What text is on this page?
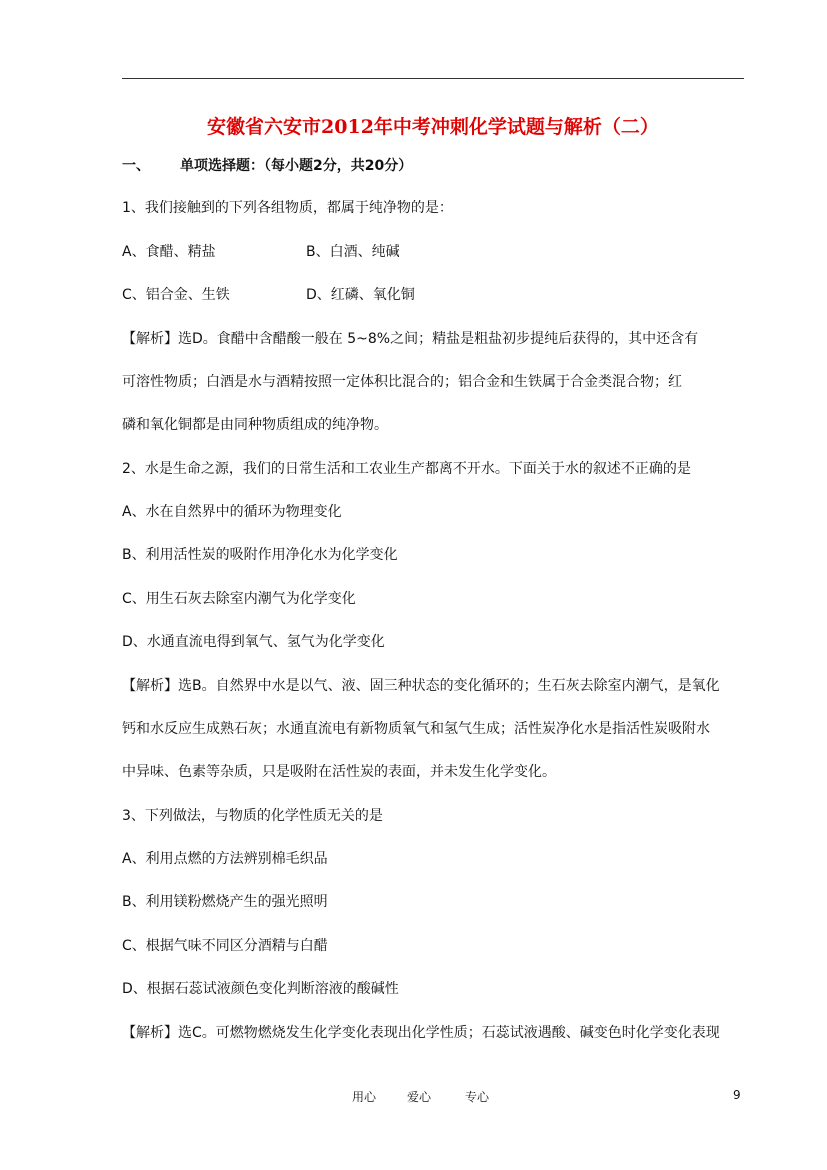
安徽省六安市2012年中考冲刺化学试题与解析（二）
一、 单项选择题：（每小题2分，共20分）
1、我们接触到的下列各组物质，都属于纯净物的是：
A、食醋、精盐	B、白酒、纯碱
C、铝合金、生铁	D、红磷、氧化铜
【解析】选D。食醋中含醋酸一般在 5~8%之间；精盐是粗盐初步提纯后获得的，其中还含有
可溶性物质；白酒是水与酒精按照一定体积比混合的；铝合金和生铁属于合金类混合物；红
磷和氧化铜都是由同种物质组成的纯净物。
2、水是生命之源，我们的日常生活和工农业生产都离不开水。下面关于水的叙述不正确的是
A、水在自然界中的循环为物理变化
B、利用活性炭的吸附作用净化水为化学变化
C、用生石灰去除室内潮气为化学变化
D、水通直流电得到氧气、氢气为化学变化
【解析】选B。自然界中水是以气、液、固三种状态的变化循环的；生石灰去除室内潮气，是氧化
钙和水反应生成熟石灰；水通直流电有新物质氧气和氢气生成；活性炭净化水是指活性炭吸附水
中异味、色素等杂质，只是吸附在活性炭的表面，并未发生化学变化。
3、下列做法，与物质的化学性质无关的是
A、利用点燃的方法辨别棉毛织品
B、利用镁粉燃烧产生的强光照明
C、根据气味不同区分酒精与白醋
D、根据石蕊试液颜色变化判断溶液的酸碱性
【解析】选C。可燃物燃烧发生化学变化表现出化学性质；石蕊试液遇酸、碱变色时化学变化表现
用心	爱心	专心	9
